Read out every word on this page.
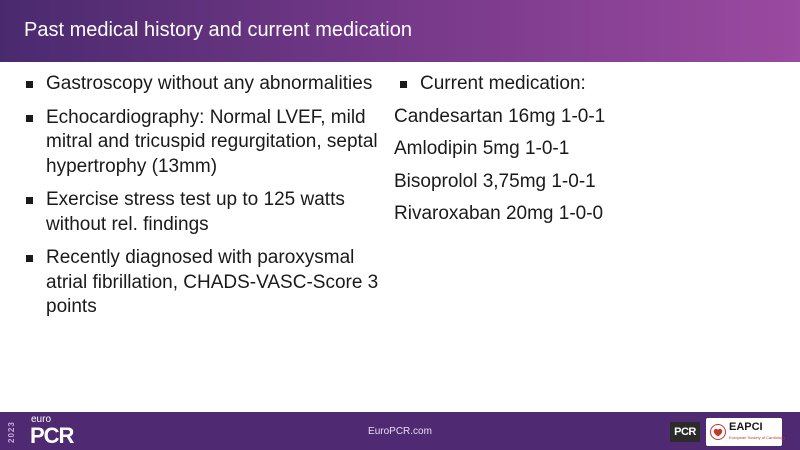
Past medical history and current medication
Gastroscopy without any abnormalities
Echocardiography: Normal LVEF, mild mitral and tricuspid regurgitation, septal hypertrophy (13mm)
Exercise stress test up to 125 watts without rel. findings
Recently diagnosed with paroxysmal atrial fibrillation, CHADS-VASC-Score 3 points
Current medication:
Candesartan 16mg 1-0-1
Amlodipin 5mg 1-0-1
Bisoprolol 3,75mg 1-0-1
Rivaroxaban 20mg 1-0-0
2023
euro
PCR	EuroPCR.com	PCR	EAPCI
European Society of Cardiology
